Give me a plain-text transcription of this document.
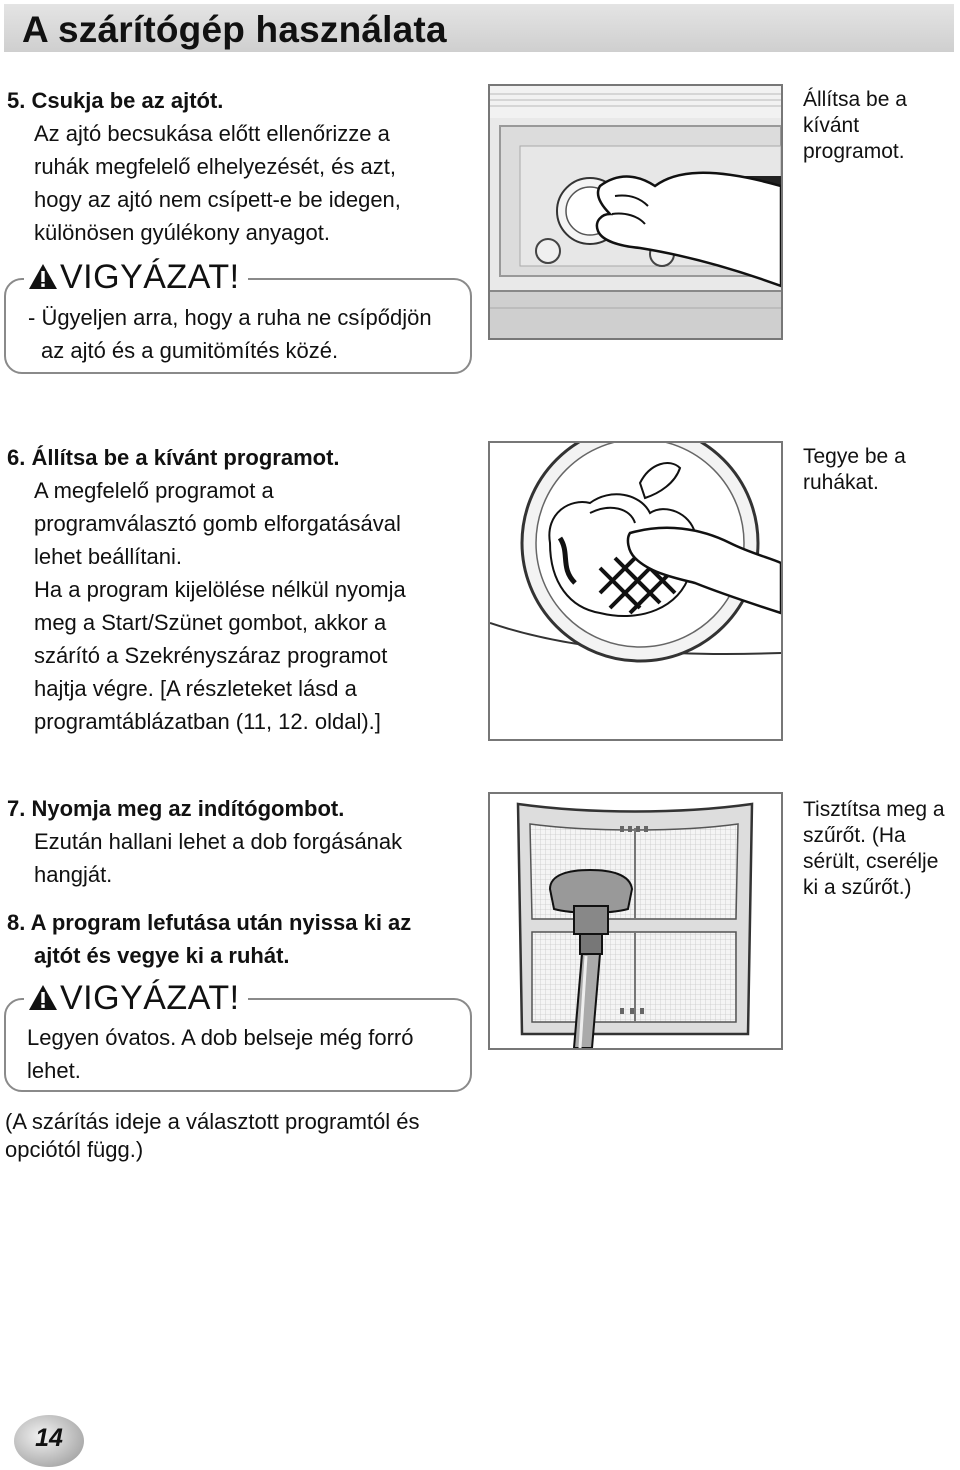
A szárítógép használata

5. Csukja be az ajtót.

Az ajtó becsukása előtt ellenőrizze a

ruhák megfelelő elhelyezését, és azt,

hogy az ajtó nem csípett-e be idegen,

különösen gyúlékony anyagot.

VIGYÁZAT!
- Ügyeljen arra, hogy a ruha ne csípődjön
az ajtó és a gumitömítés közé.
Állítsa be a kívánt programot.

6. Állítsa be a kívánt programot.

A megfelelő programot a

programválasztó gomb elforgatásával

lehet beállítani.

Ha a program kijelölése nélkül nyomja

meg a Start/Szünet gombot, akkor a

szárító a Szekrényszáraz programot

hajtja végre. [A részleteket lásd a

programtáblázatban (11, 12. oldal).]

Tegye be a ruhákat.

7. Nyomja meg az indítógombot.

Ezután hallani lehet a dob forgásának

hangját.

8. A program lefutása után nyissa ki az

ajtót és vegye ki a ruhát.

VIGYÁZAT!
Legyen óvatos. A dob belseje még forró
lehet.
Tisztítsa meg a szűrőt. (Ha sérült, cserélje ki a szűrőt.)
(A szárítás ideje a választott programtól és
opciótól függ.)
14
